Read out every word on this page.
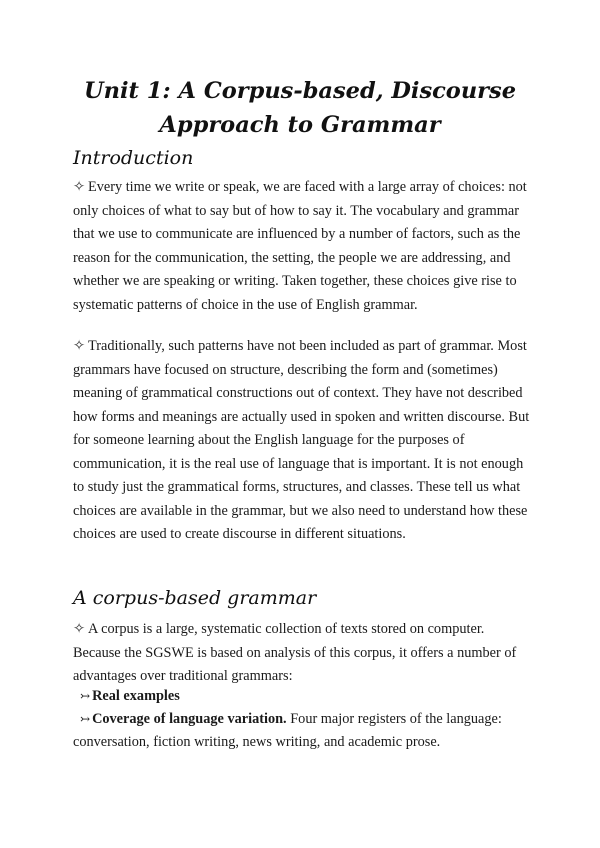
Unit 1: A Corpus-based, Discourse
Approach to Grammar
Introduction

✧ Every time we write or speak, we are faced with a large array of choices: not only choices of what to say but of how to say it. The vocabulary and grammar that we use to communicate are influenced by a number of factors, such as the reason for the communication, the setting, the people we are addressing, and whether we are speaking or writing. Taken together, these choices give rise to systematic patterns of choice in the use of English grammar.

✧ Traditionally, such patterns have not been included as part of grammar. Most grammars have focused on structure, describing the form and (sometimes) meaning of grammatical constructions out of context. They have not described how forms and meanings are actually used in spoken and written discourse. But for someone learning about the English language for the purposes of communication, it is the real use of language that is important. It is not enough to study just the grammatical forms, structures, and classes. These tell us what choices are available in the grammar, but we also need to understand how these choices are used to create discourse in different situations.

A corpus-based grammar

✧ A corpus is a large, systematic collection of texts stored on computer. Because the SGSWE is based on analysis of this corpus, it offers a number of advantages over traditional grammars:

↣ Real examples

↣ Coverage of language variation. Four major registers of the language:

conversation, fiction writing, news writing, and academic prose.
